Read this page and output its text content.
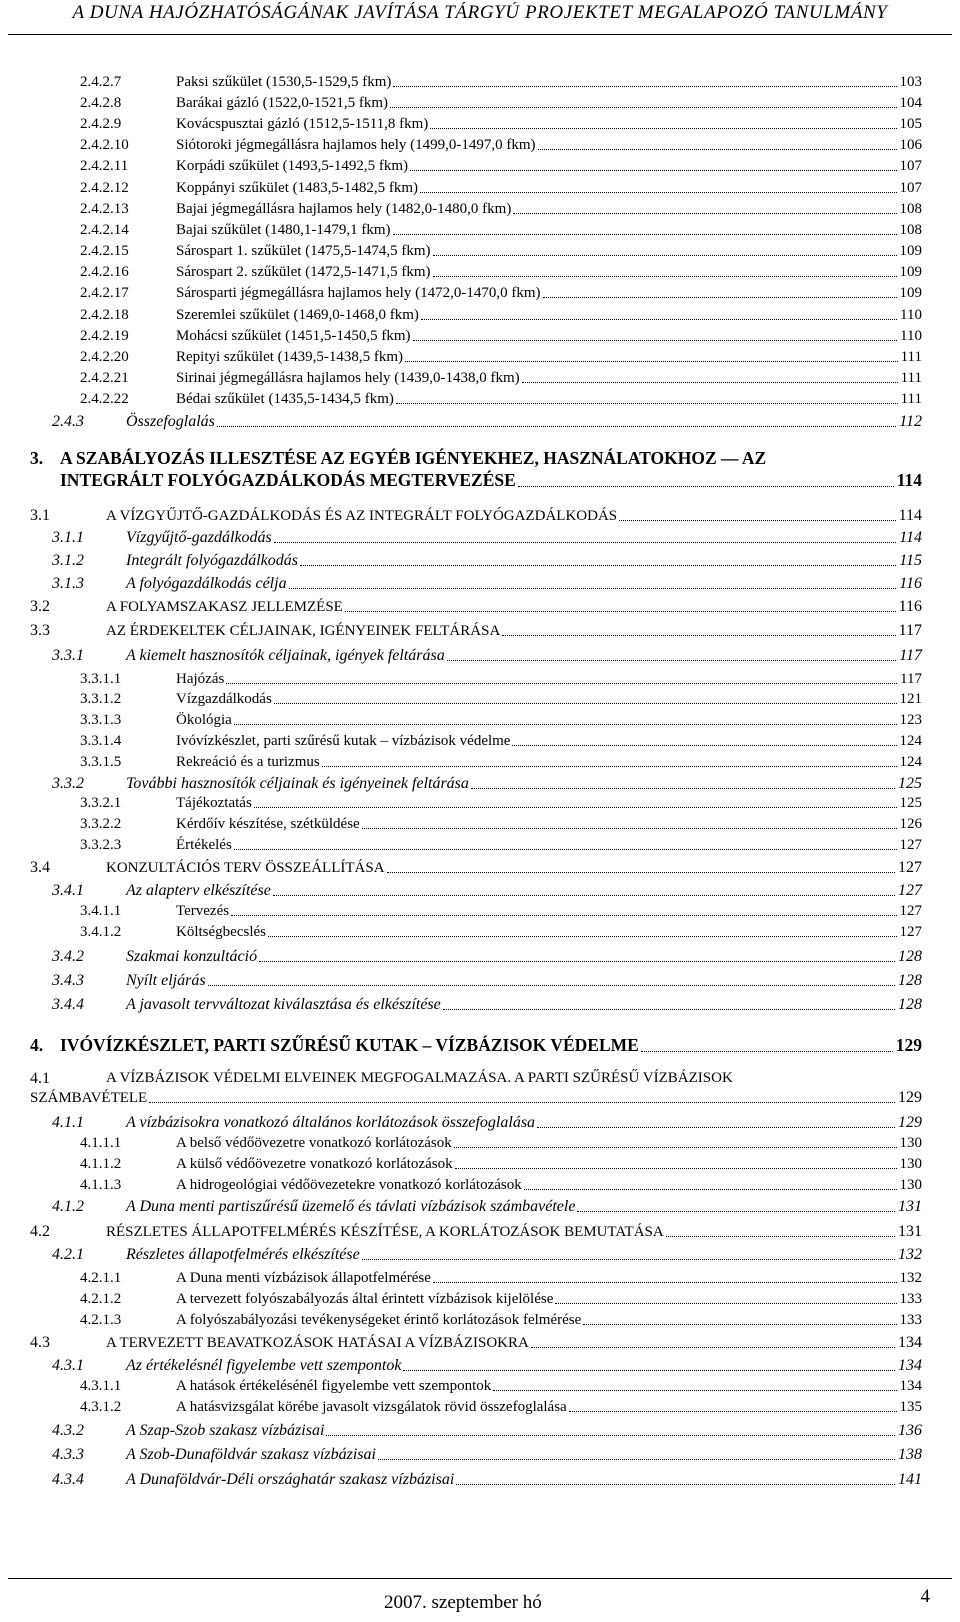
A DUNA HAJÓZHATÓSÁGÁNAK JAVÍTÁSA TÁRGYÚ PROJEKTET MEGALAPOZÓ TANULMÁNY
2.4.2.7	Paksi szűkület (1530,5-1529,5 fkm)	103
2.4.2.8	Barákai gázló (1522,0-1521,5 fkm)	104
2.4.2.9	Kovácspusztai gázló (1512,5-1511,8 fkm)	105
2.4.2.10	Siótoroki jégmegállásra hajlamos hely (1499,0-1497,0 fkm)	106
2.4.2.11	Korpádi szűkület (1493,5-1492,5 fkm)	107
2.4.2.12	Koppányi szűkület (1483,5-1482,5 fkm)	107
2.4.2.13	Bajai jégmegállásra hajlamos hely (1482,0-1480,0 fkm)	108
2.4.2.14	Bajai szűkület (1480,1-1479,1 fkm)	108
2.4.2.15	Sárospart 1. szűkület (1475,5-1474,5 fkm)	109
2.4.2.16	Sárospart 2. szűkület (1472,5-1471,5 fkm)	109
2.4.2.17	Sárosparti jégmegállásra hajlamos hely (1472,0-1470,0 fkm)	109
2.4.2.18	Szeremlei szűkület (1469,0-1468,0 fkm)	110
2.4.2.19	Mohácsi szűkület (1451,5-1450,5 fkm)	110
2.4.2.20	Repityi szűkület (1439,5-1438,5 fkm)	111
2.4.2.21	Sirinai jégmegállásra hajlamos hely (1439,0-1438,0 fkm)	111
2.4.2.22	Bédai szűkület (1435,5-1434,5 fkm)	111
2.4.3	Összefoglalás	112
3. A SZABÁLYOZÁS ILLESZTÉSE AZ EGYÉB IGÉNYEKHEZ, HASZNÁLATOKHOZ — AZ
INTEGRÁLT FOLYÓGAZDÁLKODÁS MEGTERVEZÉSE	114
3.1	A VÍZGYŰJTŐ-GAZDÁLKODÁS ÉS AZ INTEGRÁLT FOLYÓGAZDÁLKODÁS	114
3.1.1	Vízgyűjtő-gazdálkodás	114
3.1.2	Integrált folyógazdálkodás	115
3.1.3	A folyógazdálkodás célja	116
3.2	A FOLYAMSZAKASZ JELLEMZÉSE	116
3.3	AZ ÉRDEKELTEK CÉLJAINAK, IGÉNYEINEK FELTÁRÁSA	117
3.3.1	A kiemelt hasznosítók céljainak, igények feltárása	117
3.3.1.1	Hajózás	117
3.3.1.2	Vízgazdálkodás	121
3.3.1.3	Ökológia	123
3.3.1.4	Ivóvízkészlet, parti szűrésű kutak – vízbázisok védelme	124
3.3.1.5	Rekreáció és a turizmus	124
3.3.2	További hasznosítók céljainak és igényeinek feltárása	125
3.3.2.1	Tájékoztatás	125
3.3.2.2	Kérdőív készítése, szétküldése	126
3.3.2.3	Értékelés	127
3.4	KONZULTÁCIÓS TERV ÖSSZEÁLLÍTÁSA	127
3.4.1	Az alapterv elkészítése	127
3.4.1.1	Tervezés	127
3.4.1.2	Költségbecslés	127
3.4.2	Szakmai konzultáció	128
3.4.3	Nyílt eljárás	128
3.4.4	A javasolt tervváltozat kiválasztása és elkészítése	128
4. IVÓVÍZKÉSZLET, PARTI SZŰRÉSŰ KUTAK – VÍZBÁZISOK VÉDELME	129
4.1	A VÍZBÁZISOK VÉDELMI ELVEINEK MEGFOGALMAZÁSA. A PARTI SZŰRÉSŰ VÍZBÁZISOK
SZÁMBAVÉTELE	129
4.1.1	A vízbázisokra vonatkozó általános korlátozások összefoglalása	129
4.1.1.1	A belső védőövezetre vonatkozó korlátozások	130
4.1.1.2	A külső védőövezetre vonatkozó korlátozások	130
4.1.1.3	A hidrogeológiai védőövezetekre vonatkozó korlátozások	130
4.1.2	A Duna menti partiszűrésű üzemelő és távlati vízbázisok számbavétele	131
4.2	RÉSZLETES ÁLLAPOTFELMÉRÉS KÉSZÍTÉSE, A KORLÁTOZÁSOK BEMUTATÁSA	131
4.2.1	Részletes állapotfelmérés elkészítése	132
4.2.1.1	A Duna menti vízbázisok állapotfelmérése	132
4.2.1.2	A tervezett folyószabályozás által érintett vízbázisok kijelölése	133
4.2.1.3	A folyószabályozási tevékenységeket érintő korlátozások felmérése	133
4.3	A TERVEZETT BEAVATKOZÁSOK HATÁSAI A VÍZBÁZISOKRA	134
4.3.1	Az értékelésnél figyelembe vett szempontok	134
4.3.1.1	A hatások értékelésénél figyelembe vett szempontok	134
4.3.1.2	A hatásvizsgálat körébe javasolt vizsgálatok rövid összefoglalása	135
4.3.2	A Szap-Szob szakasz vízbázisai	136
4.3.3	A Szob-Dunaföldvár szakasz vízbázisai	138
4.3.4	A Dunaföldvár-Déli országhatár szakasz vízbázisai	141
2007. szeptember hó	4
